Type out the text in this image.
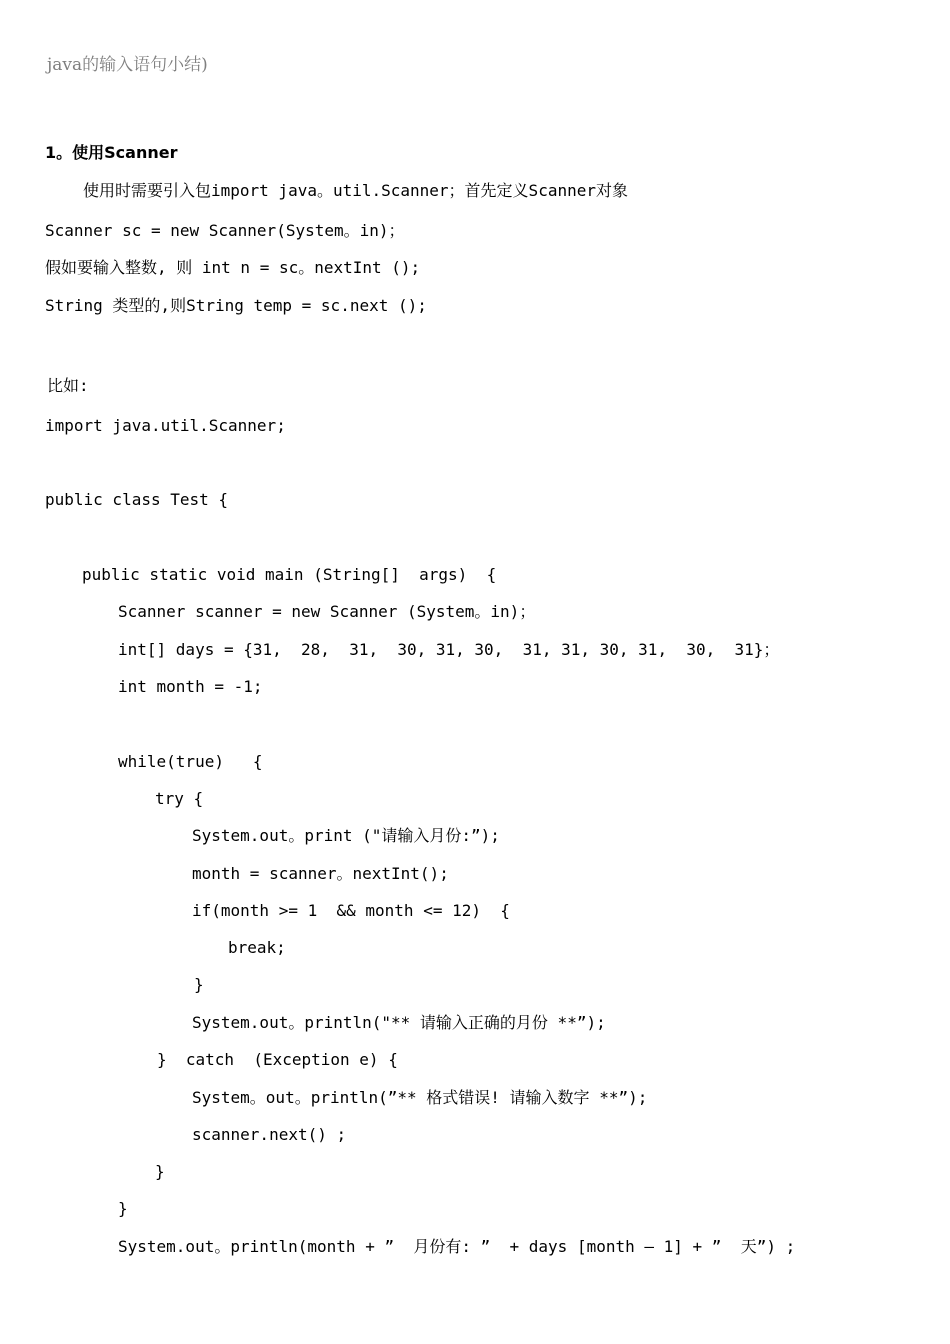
java的输入语句小结)
1。使用Scanner
使用时需要引入包import java。util.Scanner；首先定义Scanner对象
Scanner sc = new Scanner(System。in)；
假如要输入整数, 则 int n = sc。nextInt ();
String 类型的,则String temp = sc.next ();
比如:
import java.util.Scanner;
public class Test {
public static void main (String[]  args)  {
Scanner scanner = new Scanner (System。in)；
int[] days = {31,  28,  31,  30, 31, 30,  31, 31, 30, 31,  30,  31}；
int month = -1;
while(true)   {
try {
System.out。print ("请输入月份:”);
month = scanner。nextInt();
if(month >= 1  && month <= 12)  {
break;
}
System.out。println("** 请输入正确的月份 **”);
}  catch  (Exception e) {
System。out。println(”** 格式错误! 请输入数字 **”);
scanner.next() ;
}
}
System.out。println(month + ”  月份有: ”  + days [month — 1] + ”  天”) ;
